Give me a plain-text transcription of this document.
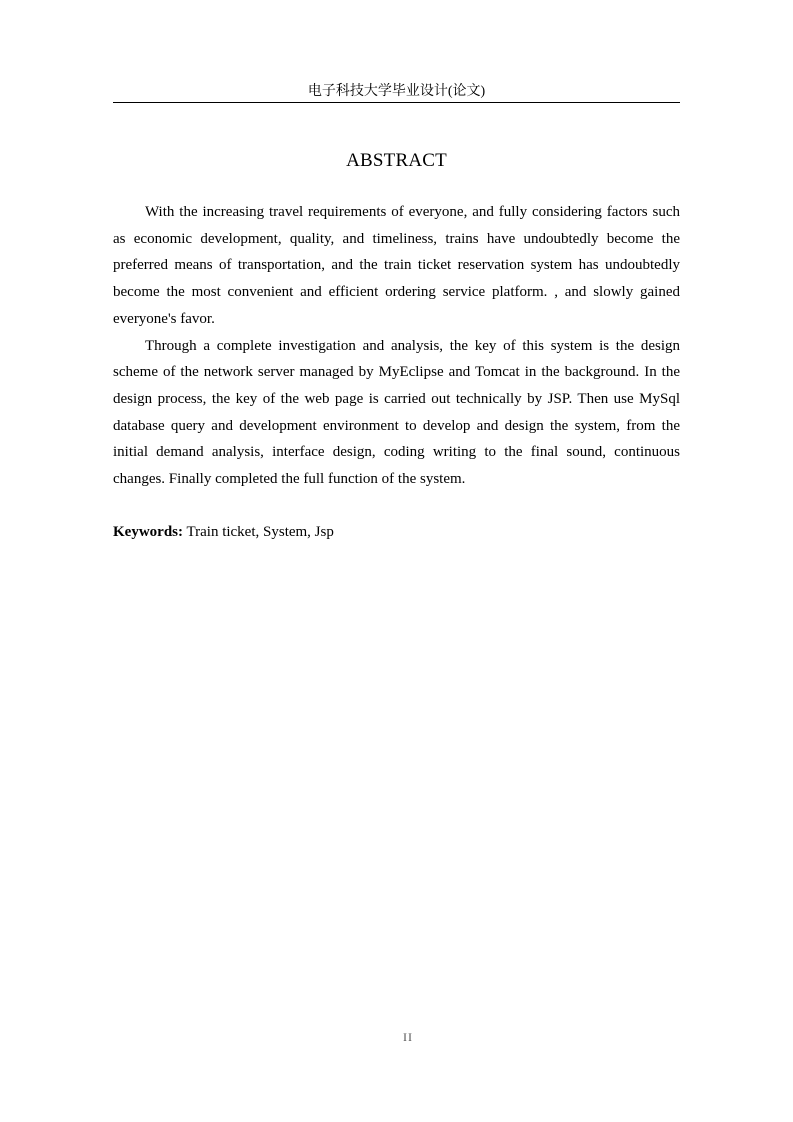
电子科技大学毕业设计(论文)
ABSTRACT

With the increasing travel requirements of everyone, and fully considering factors such as economic development, quality, and timeliness, trains have undoubtedly become the preferred means of transportation, and the train ticket reservation system has undoubtedly become the most convenient and efficient ordering service platform. , and slowly gained everyone's favor.

Through a complete investigation and analysis, the key of this system is the design scheme of the network server managed by MyEclipse and Tomcat in the background. In the design process, the key of the web page is carried out technically by JSP. Then use MySql database query and development environment to develop and design the system, from the initial demand analysis, interface design, coding writing to the final sound, continuous changes. Finally completed the full function of the system.

Keywords: Train ticket, System, Jsp
II
